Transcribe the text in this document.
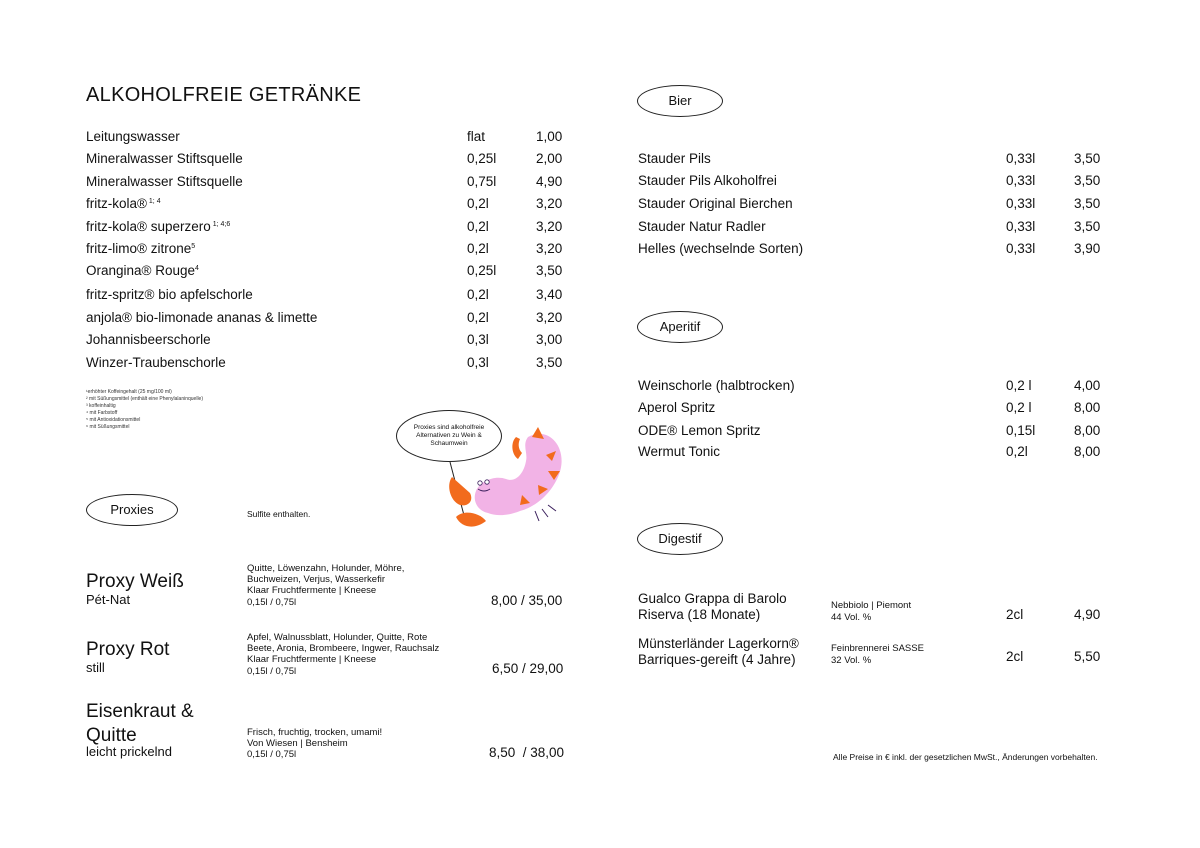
ALKOHOLFREIE GETRÄNKE
Leitungswasser	flat	1,00
Mineralwasser Stiftsquelle	0,25l	2,00
Mineralwasser Stiftsquelle	0,75l	4,90
fritz-kola® $^{1; 4}$	0,2l	3,20
fritz-kola® superzero $^{1; 4;6}$	0,2l	3,20
fritz-limo® zitrone$^5$	0,2l	3,20
Orangina® Rouge$^4$	0,25l	3,50
fritz-spritz® bio apfelschorle	0,2l	3,40
anjola® bio-limonade ananas & limette	0,2l	3,20
Johannisbeerschorle	0,3l	3,00
Winzer-Traubenschorle	0,3l	3,50
¹erhöhter Koffeingehalt (25 mg/100 ml)
² mit Süßungsmittel (enthält eine Phenylalaninquelle)
³ koffeinhaltig
⁴ mit Farbstoff
⁵ mit Antioxidationsmittel
⁶ mit Süßungsmittel	Proxies sind alkoholfreie Alternativen zu Wein & Schaumwein
Proxies	Sulfite enthalten.
Proxy Weiß
Pét-Nat
Quitte, Löwenzahn, Holunder, Möhre,
Buchweizen, Verjus, Wasserkefir
Klaar Fruchtfermente | Kneese
0,15l / 0,75l	8,00 / 35,00
Proxy Rot
still
Apfel, Walnussblatt, Holunder, Quitte, Rote
Beete, Aronia, Brombeere, Ingwer, Rauchsalz
Klaar Fruchtfermente | Kneese
0,15l / 0,75l	6,50 / 29,00
Eisenkraut &
Quitte
leicht prickelnd
Frisch, fruchtig, trocken, umami!
Von Wiesen | Bensheim
0,15l / 0,75l	8,50  / 38,00
Bier
Stauder Pils	0,33l	3,50
Stauder Pils Alkoholfrei	0,33l	3,50
Stauder Original Bierchen	0,33l	3,50
Stauder Natur Radler	0,33l	3,50
Helles (wechselnde Sorten)	0,33l	3,90
Aperitif
Weinschorle (halbtrocken)	0,2 l	4,00
Aperol Spritz	0,2 l	8,00
ODE® Lemon Spritz	0,15l	8,00
Wermut Tonic	0,2l	8,00
Digestif
Gualco Grappa di Barolo
Riserva (18 Monate)
Nebbiolo | Piemont
44 Vol. %	2cl	4,90
Münsterländer Lagerkorn®
Barriques-gereift (4 Jahre)
Feinbrennerei SASSE
32 Vol. %	2cl	5,50
Alle Preise in € inkl. der gesetzlichen MwSt., Änderungen vorbehalten.
